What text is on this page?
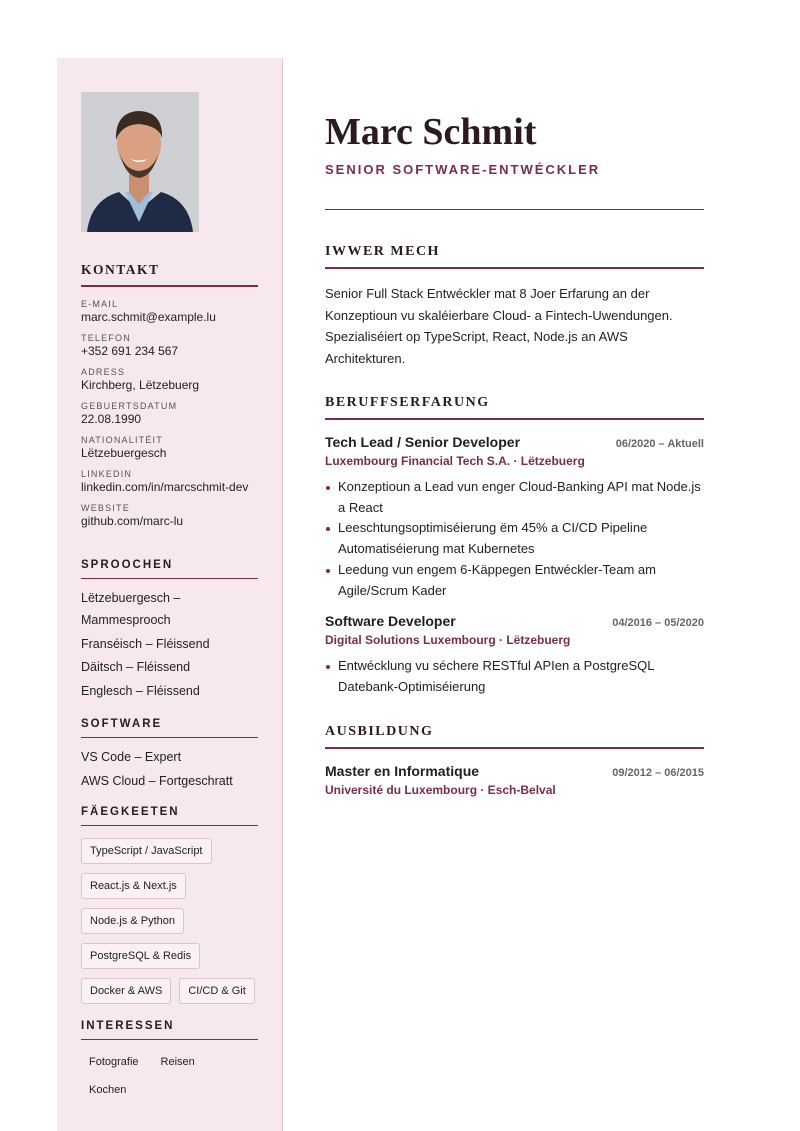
KONTAKT
E-MAIL
marc.schmit@example.lu
TELEFON
+352 691 234 567
ADRESS
Kirchberg, Lëtzebuerg
GEBUERTSDATUM
22.08.1990
NATIONALITÉIT
Lëtzebuergesch
LINKEDIN
linkedin.com/in/marcschmit-dev
WEBSITE
github.com/marc-lu
SPROOCHEN
Lëtzebuergesch –
Mammesprooch
Franséisch – Fléissend
Däitsch – Fléissend
Englesch – Fléissend
SOFTWARE
VS Code – Expert
AWS Cloud – Fortgeschratt
FÄEGKEETEN
TypeScript / JavaScript
React.js & Next.js
Node.js & Python
PostgreSQL & Redis
Docker & AWS	CI/CD & Git
INTERESSEN
Fotografie Reisen
Kochen
Marc Schmit
SENIOR SOFTWARE-ENTWÉCKLER
IWWER MECH
Senior Full Stack Entwéckler mat 8 Joer Erfarung an der Konzeptioun vu skaléierbare Cloud- a Fintech-Uwendungen. Spezialiséiert op TypeScript, React, Node.js an AWS Architekturen.
BERUFFSERFARUNG
Tech Lead / Senior Developer	06/2020 – Aktuell
Luxembourg Financial Tech S.A. · Lëtzebuerg
Konzeptioun a Lead vun enger Cloud-Banking API mat Node.js a React
Leeschtungsoptimiséierung ëm 45% a CI/CD Pipeline Automatiséierung mat Kubernetes
Leedung vun engem 6-Käppegen Entwéckler-Team am Agile/Scrum Kader
Software Developer	04/2016 – 05/2020
Digital Solutions Luxembourg · Lëtzebuerg
Entwécklung vu séchere RESTful APIen a PostgreSQL Datebank-Optimiséierung
AUSBILDUNG
Master en Informatique	09/2012 – 06/2015
Université du Luxembourg · Esch-Belval
